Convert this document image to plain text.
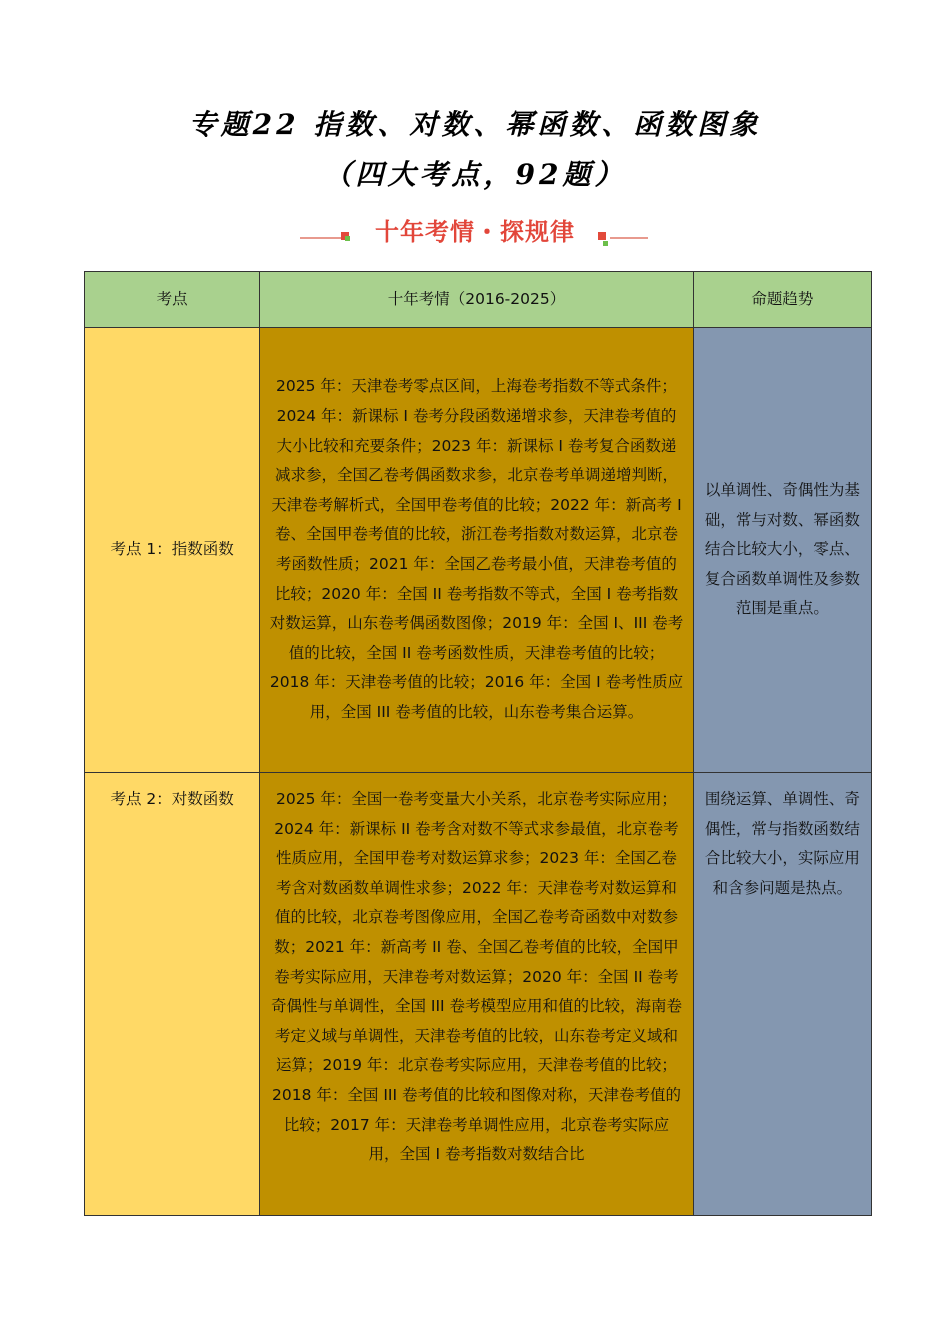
专题22 指数、对数、幂函数、函数图象
（四大考点，92题）
十年考情・探规律
考点	十年考情（2016-2025）	命题趋势
考点 1：指数函数	2025 年：天津卷考零点区间，上海卷考指数不等式条件；2024 年：新课标 I 卷考分段函数递增求参，天津卷考值的大小比较和充要条件；2023 年：新课标 I 卷考复合函数递减求参，全国乙卷考偶函数求参，北京卷考单调递增判断，天津卷考解析式，全国甲卷考值的比较；2022 年：新高考 I 卷、全国甲卷考值的比较，浙江卷考指数对数运算，北京卷考函数性质；2021 年：全国乙卷考最小值，天津卷考值的比较；2020 年：全国 II 卷考指数不等式，全国 I 卷考指数对数运算，山东卷考偶函数图像；2019 年：全国 I、III 卷考值的比较，全国 II 卷考函数性质，天津卷考值的比较；2018 年：天津卷考值的比较；2016 年：全国 I 卷考性质应用，全国 III 卷考值的比较，山东卷考集合运算。	以单调性、奇偶性为基础，常与对数、幂函数结合比较大小，零点、复合函数单调性及参数范围是重点。
考点 2：对数函数	2025 年：全国一卷考变量大小关系，北京卷考实际应用；2024 年：新课标 II 卷考含对数不等式求参最值，北京卷考性质应用，全国甲卷考对数运算求参；2023 年：全国乙卷考含对数函数单调性求参；2022 年：天津卷考对数运算和值的比较，北京卷考图像应用，全国乙卷考奇函数中对数参数；2021 年：新高考 II 卷、全国乙卷考值的比较，全国甲卷考实际应用，天津卷考对数运算；2020 年：全国 II 卷考奇偶性与单调性，全国 III 卷考模型应用和值的比较，海南卷考定义域与单调性，天津卷考值的比较，山东卷考定义域和运算；2019 年：北京卷考实际应用，天津卷考值的比较；2018 年：全国 III 卷考值的比较和图像对称，天津卷考值的比较；2017 年：天津卷考单调性应用，北京卷考实际应用，全国 I 卷考指数对数结合比	围绕运算、单调性、奇偶性，常与指数函数结合比较大小，实际应用和含参问题是热点。
